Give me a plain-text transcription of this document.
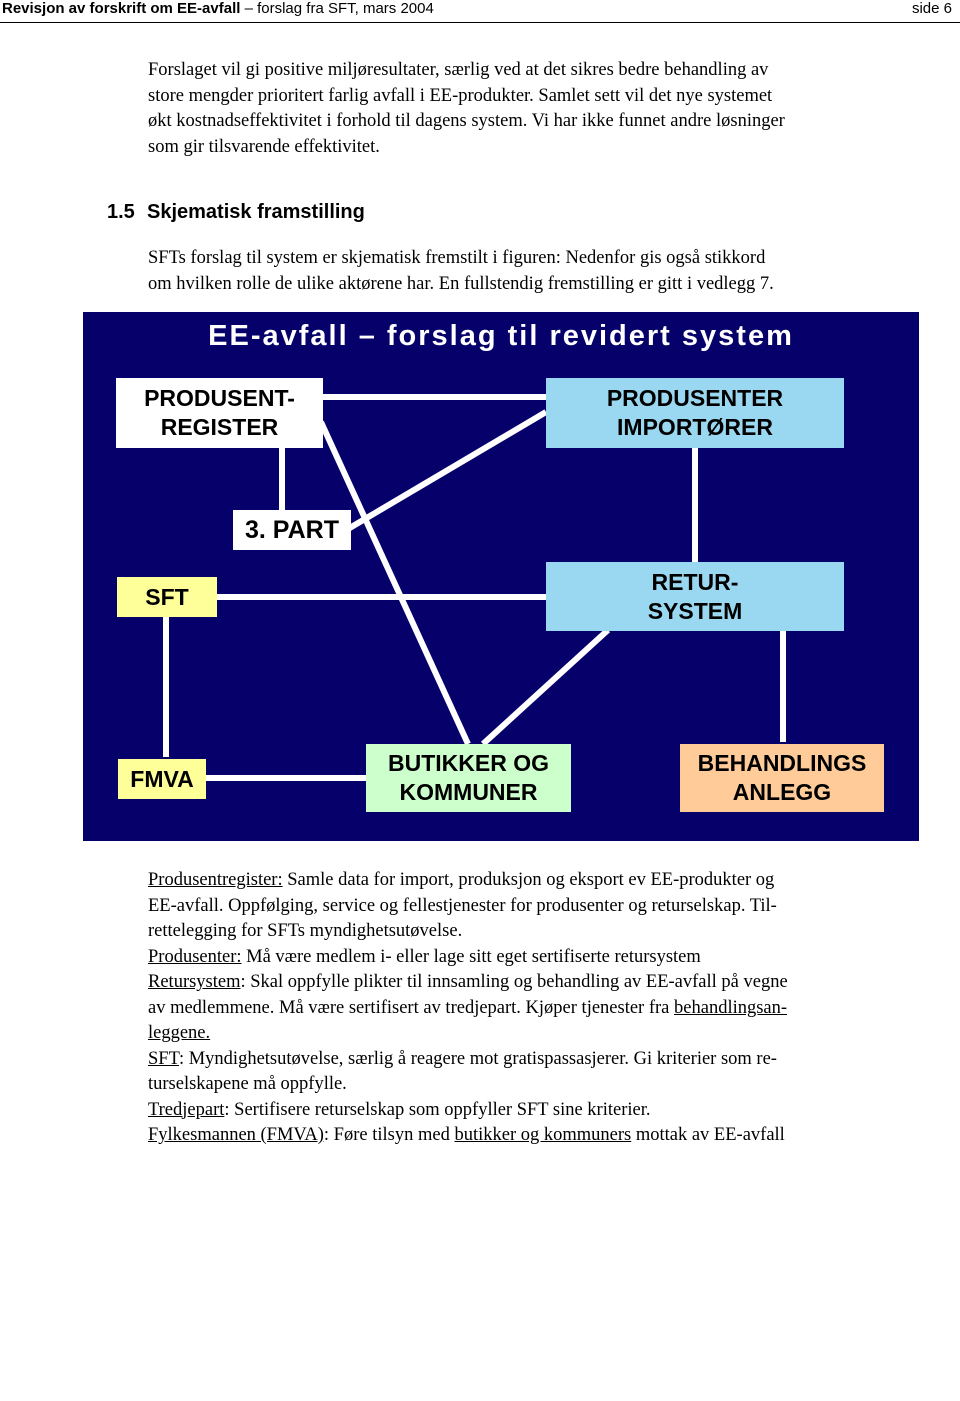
Revisjon av forskrift om EE-avfall – forslag fra SFT, mars 2004	side 6
Forslaget vil gi positive miljøresultater, særlig ved at det sikres bedre behandling av
store mengder prioritert farlig avfall i EE-produkter. Samlet sett vil det nye systemet
økt kostnadseffektivitet i forhold til dagens system. Vi har ikke funnet andre løsninger
som gir tilsvarende effektivitet.
1.5 Skjematisk framstilling
SFTs forslag til system er skjematisk fremstilt i figuren: Nedenfor gis også stikkord
om hvilken rolle de ulike aktørene har. En fullstendig fremstilling er gitt i vedlegg 7.
EE-avfall – forslag til revidert system
PRODUSENT-
REGISTER
PRODUSENTER
IMPORTØRER
3. PART
SFT
RETUR-
SYSTEM
FMVA
BUTIKKER OG
KOMMUNER
BEHANDLINGS
ANLEGG

Produsentregister: Samle data for import, produksjon og eksport ev EE-produkter og

EE-avfall. Oppfølging, service og fellestjenester for produsenter og returselskap. Til-

rettelegging for SFTs myndighetsutøvelse.

Produsenter: Må være medlem i- eller lage sitt eget sertifiserte retursystem

Retursystem: Skal oppfylle plikter til innsamling og behandling av EE-avfall på vegne

av medlemmene. Må være sertifisert av tredjepart. Kjøper tjenester fra behandlingsan-

leggene.

SFT: Myndighetsutøvelse, særlig å reagere mot gratispassasjerer. Gi kriterier som re-

turselskapene må oppfylle.

Tredjepart: Sertifisere returselskap som oppfyller SFT sine kriterier.

Fylkesmannen (FMVA): Føre tilsyn med butikker og kommuners mottak av EE-avfall
